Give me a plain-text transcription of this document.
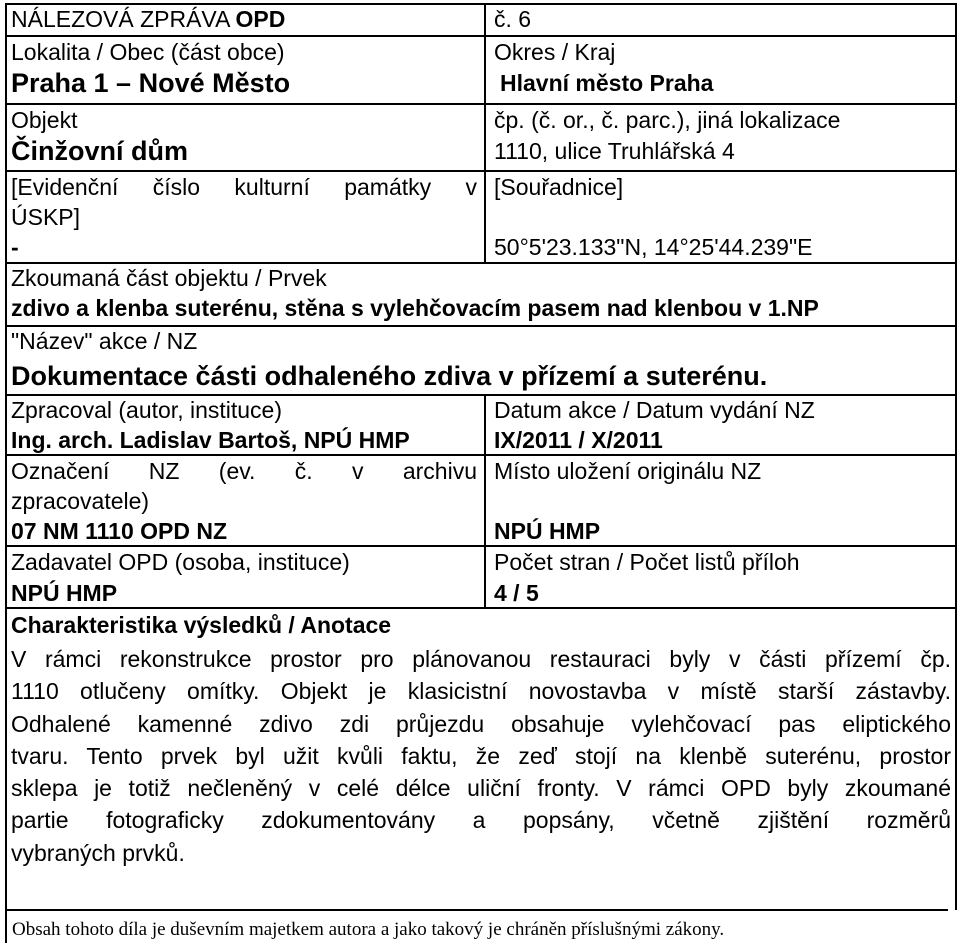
NÁLEZOVÁ ZPRÁVA OPD	č. 6
Lokalita / Obec (část obce)
Praha 1 – Nové Město
Okres / Kraj
Hlavní město Praha
Objekt
Činžovní dům
čp. (č. or., č. parc.), jiná lokalizace
1110, ulice Truhlářská 4
[Evidenční číslo kulturní památky v
ÚSKP]
-
[Souřadnice]
50°5'23.133"N, 14°25'44.239"E
Zkoumaná část objektu / Prvek
zdivo a klenba suterénu, stěna s vylehčovacím pasem nad klenbou v 1.NP
"Název" akce / NZ
Dokumentace části odhaleného zdiva v přízemí a suterénu.
Zpracoval (autor, instituce)
Ing. arch. Ladislav Bartoš, NPÚ HMP
Datum akce / Datum vydání NZ
IX/2011 / X/2011
Označení NZ (ev. č. v archivu
zpracovatele)
07 NM 1110 OPD NZ
Místo uložení originálu NZ
NPÚ HMP
Zadavatel OPD (osoba, instituce)
NPÚ HMP
Počet stran / Počet listů příloh
4 / 5
Charakteristika výsledků / Anotace
V rámci rekonstrukce prostor pro plánovanou restauraci byly v části přízemí čp.
1110 otlučeny omítky. Objekt je klasicistní novostavba v místě starší zástavby.
Odhalené kamenné zdivo zdi průjezdu obsahuje vylehčovací pas eliptického
tvaru. Tento prvek byl užit kvůli faktu, že zeď stojí na klenbě suterénu, prostor
sklepa je totiž nečleněný v celé délce uliční fronty. V rámci OPD byly zkoumané
partie fotograficky zdokumentovány a popsány, včetně zjištění rozměrů
vybraných prvků.
Obsah tohoto díla je duševním majetkem autora a jako takový je chráněn příslušnými zákony.
